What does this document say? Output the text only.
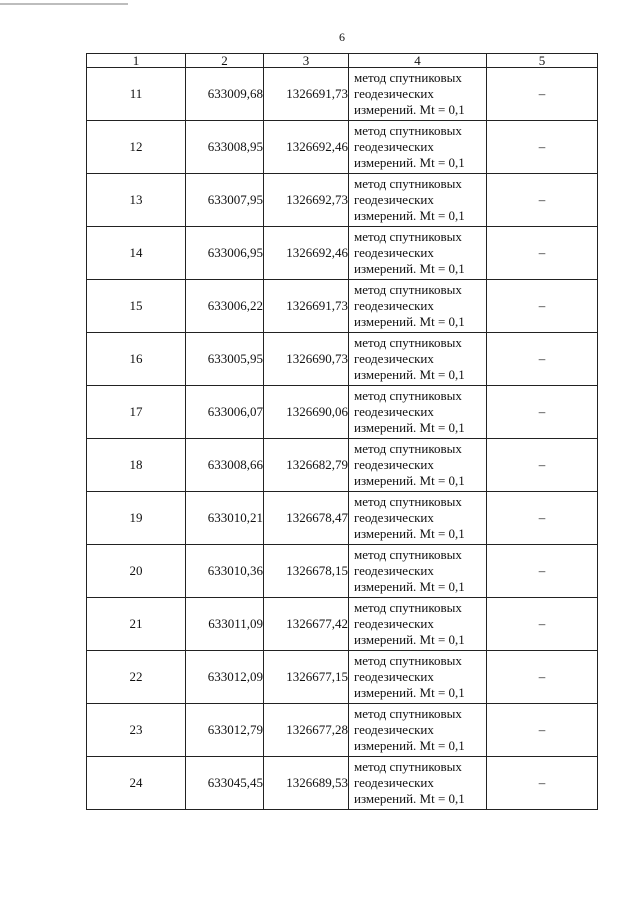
6
1	2	3	4	5
11	633009,68	1326691,73	метод спутниковых
геодезических
измерений. Mt = 0,1	–
12	633008,95	1326692,46	метод спутниковых
геодезических
измерений. Mt = 0,1	–
13	633007,95	1326692,73	метод спутниковых
геодезических
измерений. Mt = 0,1	–
14	633006,95	1326692,46	метод спутниковых
геодезических
измерений. Mt = 0,1	–
15	633006,22	1326691,73	метод спутниковых
геодезических
измерений. Mt = 0,1	–
16	633005,95	1326690,73	метод спутниковых
геодезических
измерений. Mt = 0,1	–
17	633006,07	1326690,06	метод спутниковых
геодезических
измерений. Mt = 0,1	–
18	633008,66	1326682,79	метод спутниковых
геодезических
измерений. Mt = 0,1	–
19	633010,21	1326678,47	метод спутниковых
геодезических
измерений. Mt = 0,1	–
20	633010,36	1326678,15	метод спутниковых
геодезических
измерений. Mt = 0,1	–
21	633011,09	1326677,42	метод спутниковых
геодезических
измерений. Mt = 0,1	–
22	633012,09	1326677,15	метод спутниковых
геодезических
измерений. Mt = 0,1	–
23	633012,79	1326677,28	метод спутниковых
геодезических
измерений. Mt = 0,1	–
24	633045,45	1326689,53	метод спутниковых
геодезических
измерений. Mt = 0,1	–
